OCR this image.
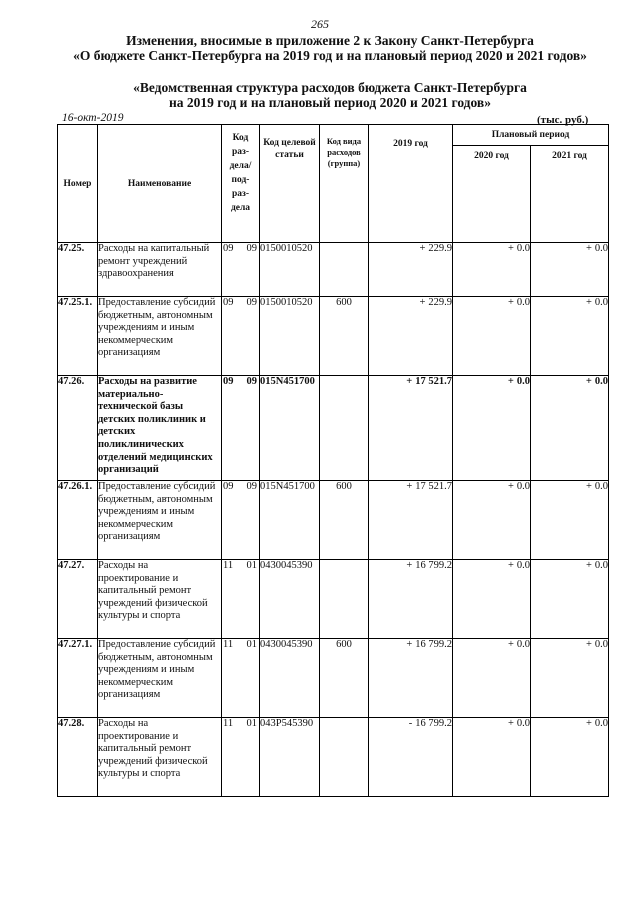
265
Изменения, вносимые в приложение 2 к Закону Санкт-Петербурга
«О бюджете Санкт-Петербурга на 2019 год и на плановый период 2020 и 2021 годов»
«Ведомственная структура расходов бюджета Санкт-Петербурга
на 2019 год и на плановый период 2020 и 2021 годов»
16-окт-2019	(тыс. руб.)
Номер	Наименование	Код раз-дела/ под-раз-дела	Код целевой статьи	Код вида расходов (группа)	2019 год	Плановый период	
						2020 год	2021 год
47.25.	Расходы на капитальный ремонт учреждений здравоохранения	09 09	0150010520		+ 229.9	+ 0.0	+ 0.0
47.25.1.	Предоставление субсидий бюджетным, автономным учреждениям и иным некоммерческим организациям	09 09	0150010520	600	+ 229.9	+ 0.0	+ 0.0
47.26.	Расходы на развитие материально-технической базы детских поликлиник и детских поликлинических отделений медицинских организаций	09 09	015N451700		+ 17 521.7	+ 0.0	+ 0.0
47.26.1.	Предоставление субсидий бюджетным, автономным учреждениям и иным некоммерческим организациям	09 09	015N451700	600	+ 17 521.7	+ 0.0	+ 0.0
47.27.	Расходы на проектирование и капитальный ремонт учреждений физической культуры и спорта	11 01	0430045390		+ 16 799.2	+ 0.0	+ 0.0
47.27.1.	Предоставление субсидий бюджетным, автономным учреждениям и иным некоммерческим организациям	11 01	0430045390	600	+ 16 799.2	+ 0.0	+ 0.0
47.28.	Расходы на проектирование и капитальный ремонт учреждений физической культуры и спорта	11 01	043P545390		- 16 799.2	+ 0.0	+ 0.0
